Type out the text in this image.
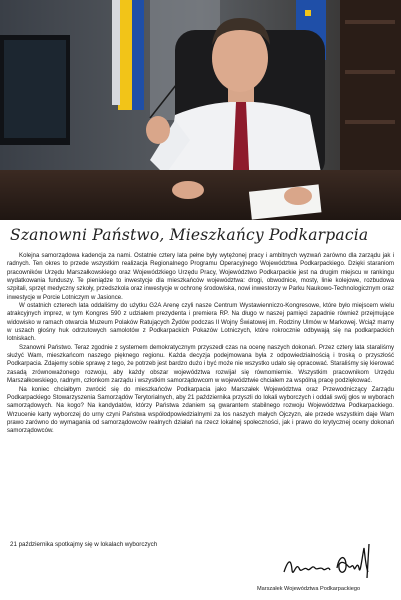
Szanowni Państwo, Mieszkańcy Podkarpacia

Kolejna samorządowa kadencja za nami. Ostatnie cztery lata pełne były wytężonej pracy i ambitnych wyzwań zarówno dla zarządu jak i radnych. Ten okres to przede wszystkim realizacja Regionalnego Programu Operacyjnego Województwa Podkarpackiego. Dzięki staraniom pracowników Urzędu Marszałkowskiego oraz Wojewódzkiego Urzędu Pracy, Województwo Podkarpackie jest na drugim miejscu w rankingu wydatkowania funduszy. Te pieniądze to inwestycje dla mieszkańców województwa: drogi, obwodnice, mosty, linie kolejowe, rozbudowa szpitali, sprzęt medyczny szkoły, przedszkola oraz inwestycje w ochronę środowiska, nowi inwestorzy w Parku Naukowo-Technologicznym oraz inwestycje w Porcie Lotniczym w Jasionce.

W ostatnich czterech lata oddaliśmy do użytku G2A Arenę czyli nasze Centrum Wystawienniczo-Kongresowe, które było miejscem wielu atrakcyjnych imprez, w tym Kongres 590 z udziałem prezydenta i premiera RP. Na długo w naszej pamięci zapadnie również przejmujące widowisko w ramach otwarcia Muzeum Polaków Ratujących Żydów podczas II Wojny Światowej im. Rodziny Ulmów w Markowej. Wciąż mamy w uszach głośny huk odrzutowych samolotów z Podkarpackich Pokazów Lotniczych, które rokrocznie odbywają się na podkarpackich lotniskach.

Szanowni Państwo. Teraz zgodnie z systemem demokratycznym przyszedł czas na ocenę naszych dokonań. Przez cztery lata staraliśmy służyć Wam, mieszkańcom naszego pięknego regionu. Każda decyzja podejmowana była z odpowiedzialnością i troską o przyszłość Podkarpacia. Zdajemy sobie sprawę z tego, że potrzeb jest bardzo dużo i być może nie wszystko udało się opracować. Staraliśmy się kierować zasadą zrównoważonego rozwoju, aby każdy obszar województwa rozwijał się równomiernie. Wszystkim pracownikom Urzędu Marszałkowskiego, radnym, członkom zarządu i wszystkim samorządowcom w województwie chciałem za wspólną pracę podziękować.

Na koniec chciałbym zwrócić się do mieszkańców Podkarpacia jako Marszałek Województwa oraz Przewodniczący Zarządu Podkarpackiego Stowarzyszenia Samorządów Terytorialnych, aby 21 października przyszli do lokali wyborczych i oddali swój głos w wyborach samorządowych. Na kogo? Na kandydatów, którzy Państwa zdaniem są gwarantem stabilnego rozwoju Województwa Podkarpackiego. Wrzucenie karty wyborczej do urny czyni Państwa współodpowiedzialnymi za los naszych małych Ojczyzn, ale przede wszystkim daje Wam prawo zarówno do wymagania od samorządowców realnych działań na rzecz lokalnej społeczności, jak i prawo do krytycznej oceny dokonań samorządowców.

21 października spotkajmy się w lokalach wyborczych
Marszałek Województwa Podkarpackiego
